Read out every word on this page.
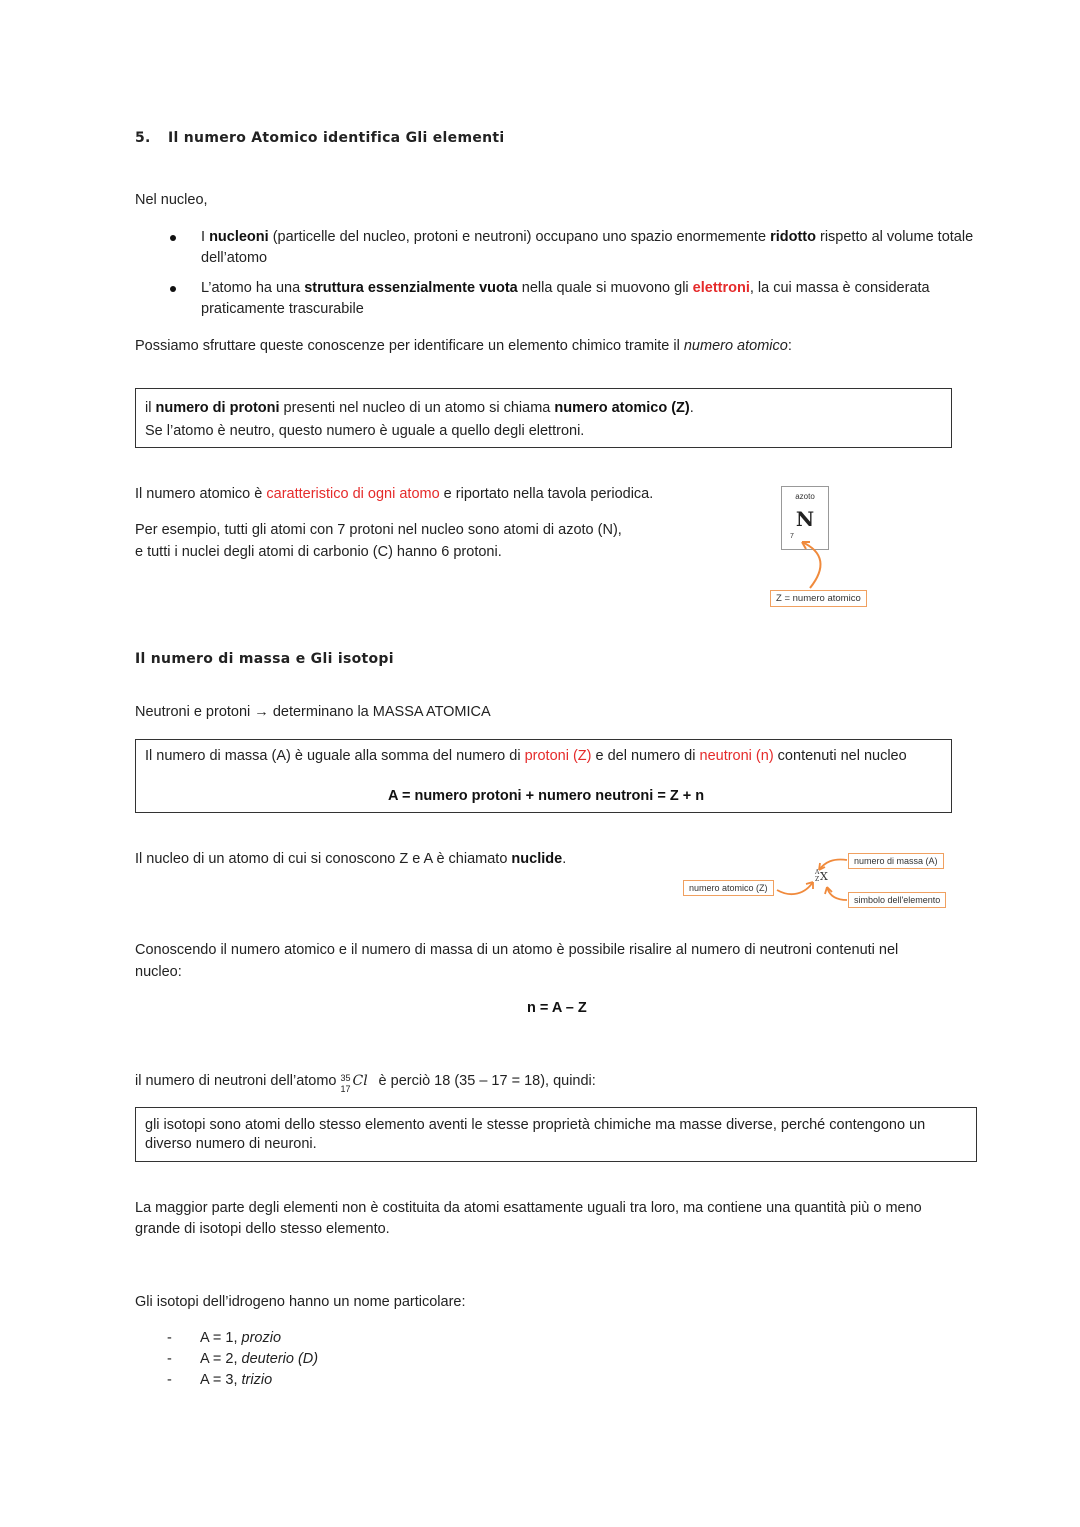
5. Il numero Atomico identifica Gli elementi
Nel nucleo,
I nucleoni (particelle del nucleo, protoni e neutroni) occupano uno spazio enormemente ridotto rispetto al volume totale dell’atomo
L’atomo ha una struttura essenzialmente vuota nella quale si muovono gli elettroni, la cui massa è considerata praticamente trascurabile
Possiamo sfruttare queste conoscenze per identificare un elemento chimico tramite il numero atomico:
il numero di protoni presenti nel nucleo di un atomo si chiama numero atomico (Z).
Se l’atomo è neutro, questo numero è uguale a quello degli elettroni.
Il numero atomico è caratteristico di ogni atomo e riportato nella tavola periodica.
Per esempio, tutti gli atomi con 7 protoni nel nucleo sono atomi di azoto (N),
e tutti i nuclei degli atomi di carbonio (C) hanno 6 protoni.
azoto
N
7
Z = numero atomico
Il numero di massa e Gli isotopi
Neutroni e protoni → determinano la MASSA ATOMICA
Il numero di massa (A) è uguale alla somma del numero di protoni (Z) e del numero di neutroni (n) contenuti nel nucleo
A = numero protoni + numero neutroni = Z + n
Il nucleo di un atomo di cui si conoscono Z e A è chiamato nuclide.	numero di massa (A)
simbolo dell'elemento
numero atomico (Z)
A
Z X
Conoscendo il numero atomico e il numero di massa di un atomo è possibile risalire al numero di neutroni contenuti nel
nucleo:
n = A – Z
il numero di neutroni dell’atomo 35
17 Cl è perciò 18 (35 – 17 = 18), quindi:
gli isotopi sono atomi dello stesso elemento aventi le stesse proprietà chimiche ma masse diverse, perché contengono un
diverso numero di neuroni.
La maggior parte degli elementi non è costituita da atomi esattamente uguali tra loro, ma contiene una quantità più o meno
grande di isotopi dello stesso elemento.
Gli isotopi dell’idrogeno hanno un nome particolare:
- A = 1, prozio
- A = 2, deuterio (D)
- A = 3, trizio
